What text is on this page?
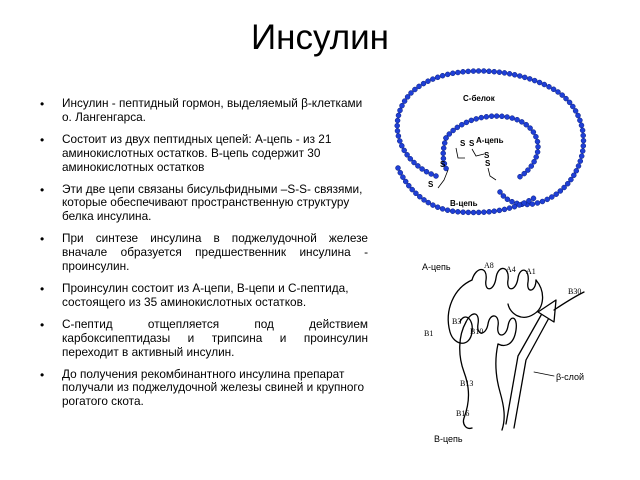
Инсулин
• Инсулин - пептидный гормон, выделяемый β-клетками о. Лангенгарса.
• Состоит из двух пептидных цепей: А-цепь - из 21 аминокислотных остатков. В-цепь содержит 30 аминокислотных остатков
• Эти две цепи связаны бисульфидными –S-S- связями, которые обеспечивают пространственную структуру белка инсулина.
• При синтезе инсулина в поджелудочной железе вначале образуется предшественник инсулина - проинсулин.
• Проинсулин состоит из А-цепи, В-цепи и С-пептида, состоящего из 35 аминокислотных остатков.
• С-пептид отщепляется под действием карбоксипептидазы и трипсина и проинсулин переходит в активный инсулин.
• До получения рекомбинантного инсулина препарат получали из поджелудочной железы свиней и крупного рогатого скота.
S S
S
S	S
S
С-белок
А-цепь
В-цепь
А-цепь	А8 А4 А1
В30
В1
В3
В10
В13
В16
β-слой
В-цепь
